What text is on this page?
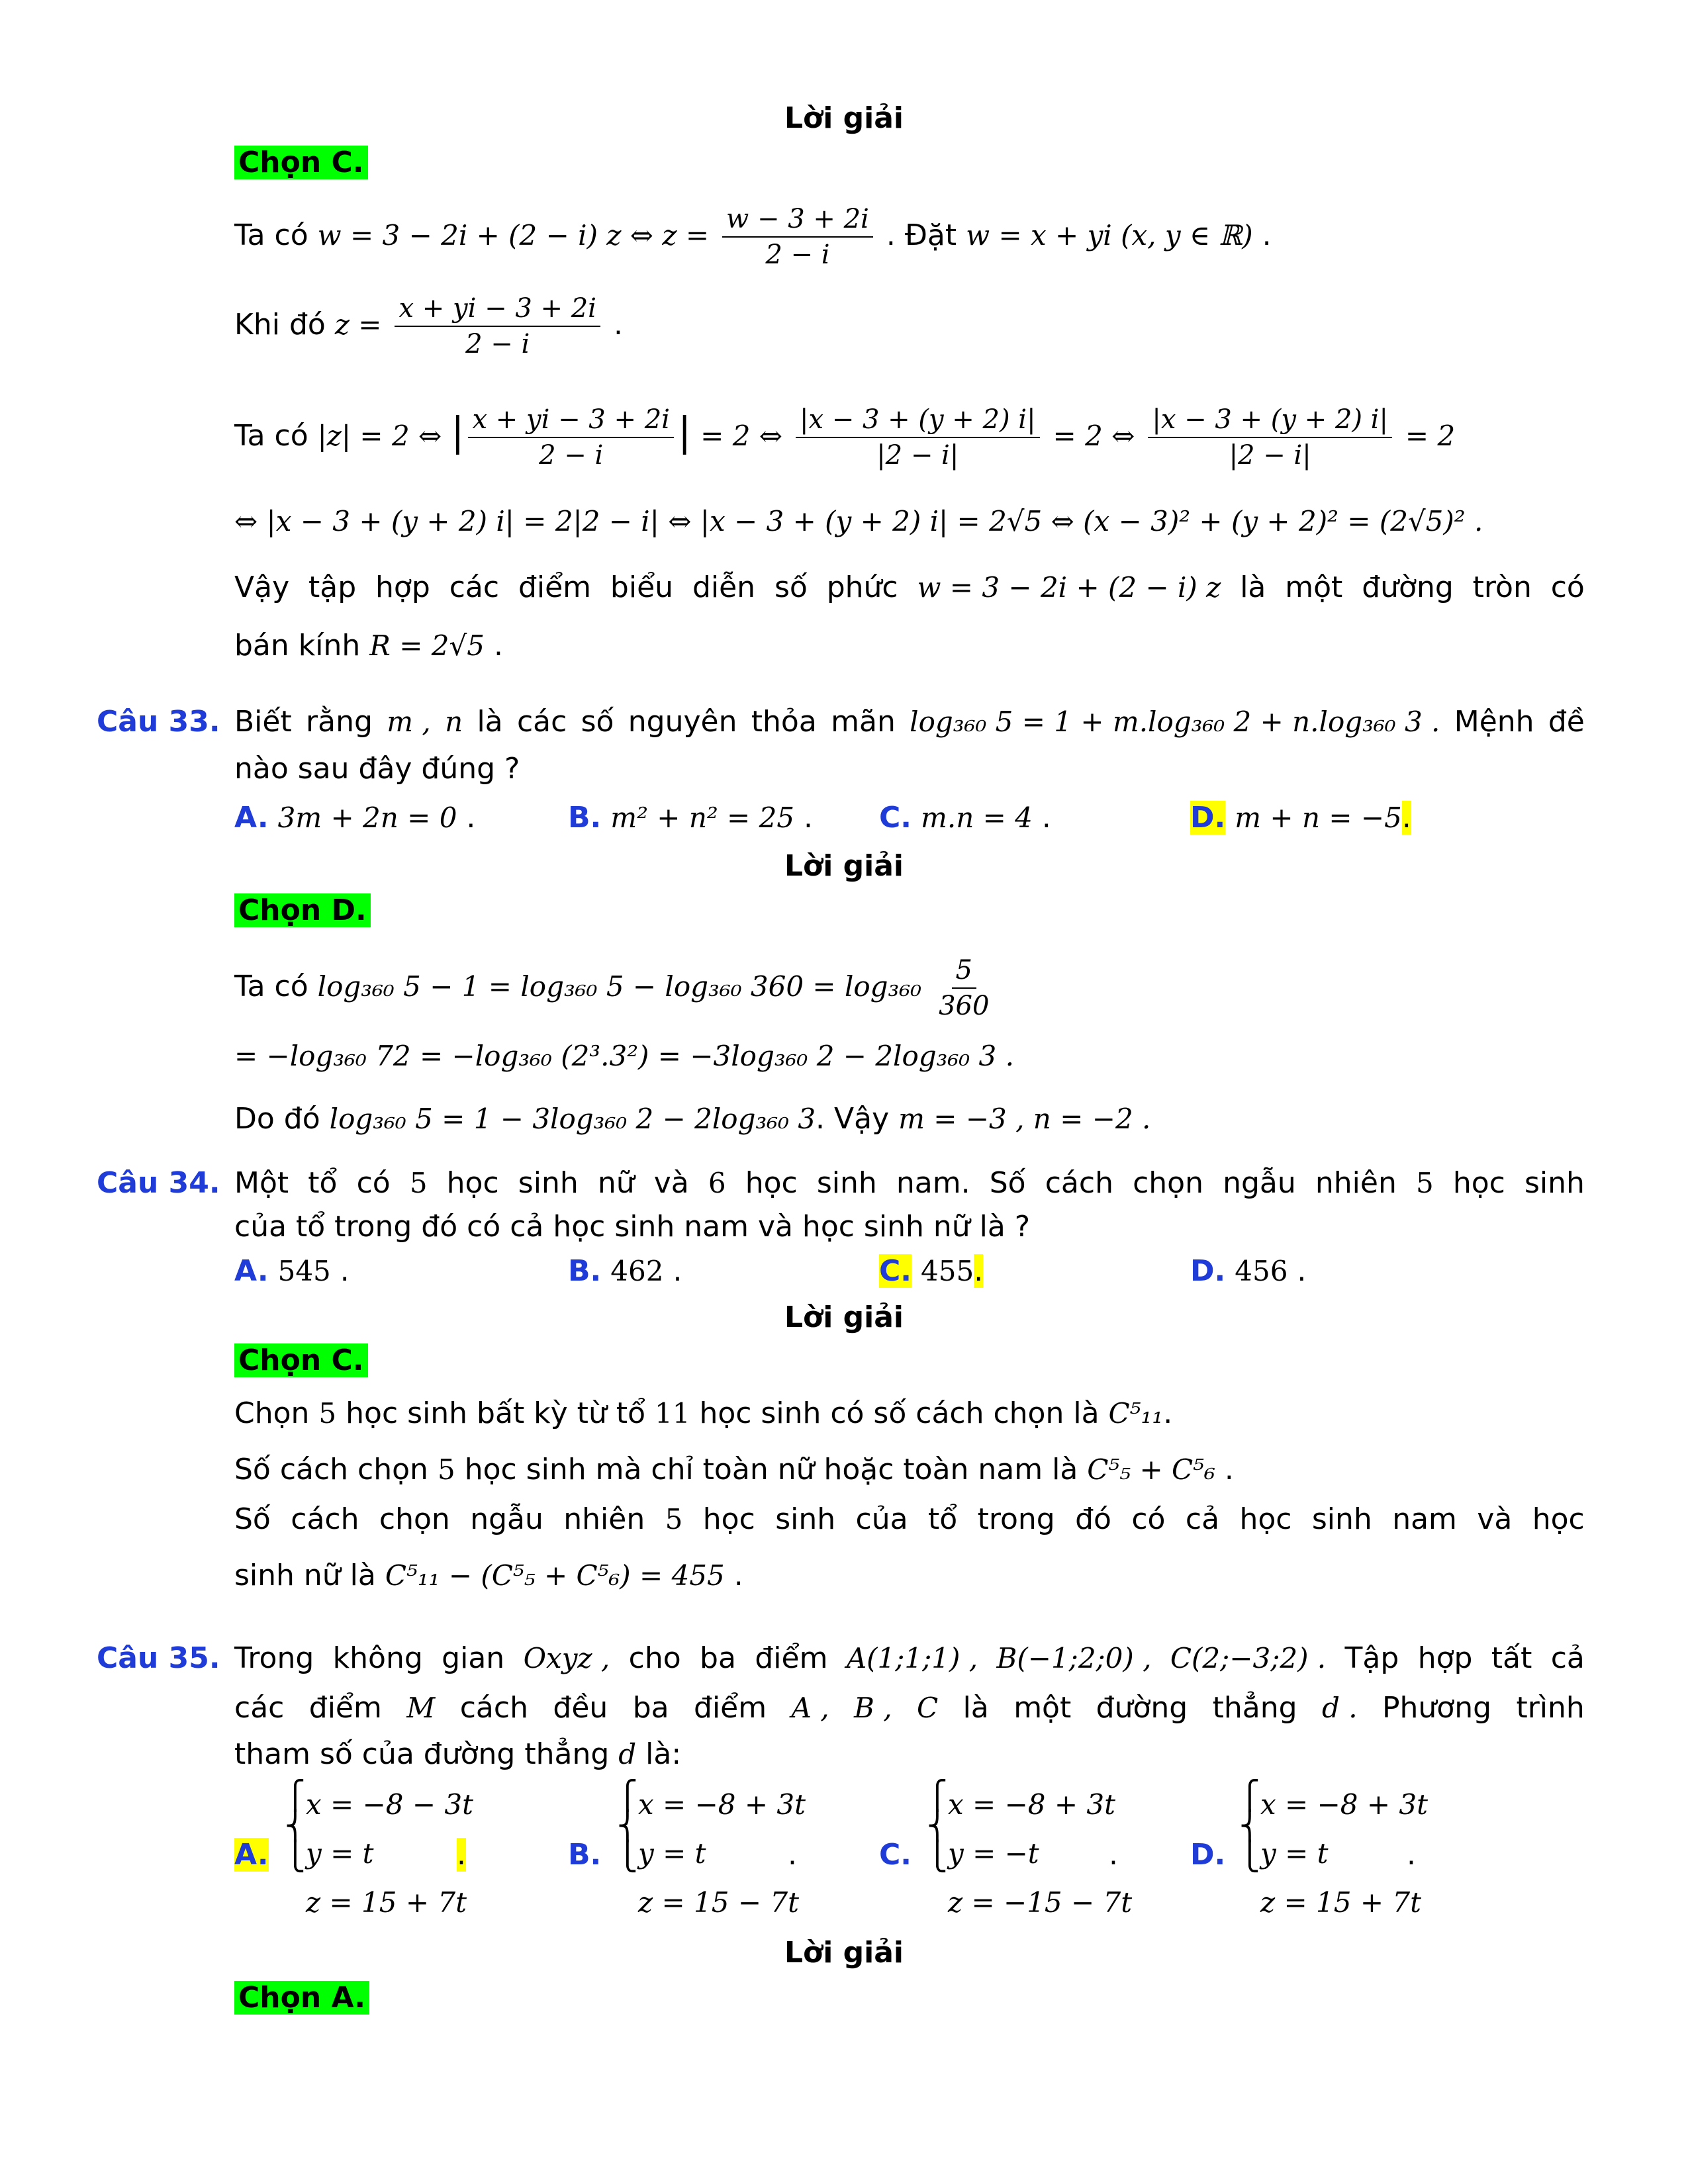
Lời giải
Chọn C.
Ta có w = 3 − 2i + (2 − i) z ⇔ $z = \frac{w - 3 + 2i}{2 - i}$ . Đặt w = x + yi (x, y ∈ ℝ) .
Khi đó $z = \frac{x + yi - 3 + 2i}{2 - i}$ .
Ta có |z| = 2 ⇔ | $\frac{x + yi - 3 + 2i}{2 - i}$ | = 2 ⇔ $\frac{|x - 3 + (y + 2) i|}{|2 - i|} = 2$ ⇔ $\frac{|x - 3 + (y + 2) i|}{|2 - i|} = 2$
⇔ |x − 3 + (y + 2) i| = 2|2 − i| ⇔ |x − 3 + (y + 2) i| = 2√5 ⇔ (x − 3)² + (y + 2)² = (2√5)² .
Vậy tập hợp các điểm biểu diễn số phức w = 3 − 2i + (2 − i) z là một đường tròn có
bán kính R = 2√5 .
Câu 33. Biết rằng m , n là các số nguyên thỏa mãn log₃₆₀ 5 = 1 + m.log₃₆₀ 2 + n.log₃₆₀ 3 . Mệnh đề
nào sau đây đúng ?
A. 3m + 2n = 0 .	B. m² + n² = 25 . C. m.n = 4 .	D. m + n = −5.
Lời giải
Chọn D.
Ta có log₃₆₀ 5 − 1 = log₃₆₀ 5 − log₃₆₀ $360 = \log_{360} \frac{5}{360}$
= −log₃₆₀ 72 = −log₃₆₀ (2³.3²) = −3log₃₆₀ 2 − 2log₃₆₀ 3 .
Do đó log₃₆₀ 5 = 1 − 3log₃₆₀ 2 − 2log₃₆₀ 3. Vậy m = −3 , n = −2 .
Câu 34. Một tổ có 5 học sinh nữ và 6 học sinh nam. Số cách chọn ngẫu nhiên 5 học sinh
của tổ trong đó có cả học sinh nam và học sinh nữ là ?
A. 545 .	B. 462 .	C. 455.	D. 456 .
Lời giải
Chọn C.
Chọn 5 học sinh bất kỳ từ tổ 11 học sinh có số cách chọn là C⁵₁₁.
Số cách chọn 5 học sinh mà chỉ toàn nữ hoặc toàn nam là C⁵₅ + C⁵₆ .
Số cách chọn ngẫu nhiên 5 học sinh của tổ trong đó có cả học sinh nam và học
sinh nữ là C⁵₁₁ − (C⁵₅ + C⁵₆) = 455 .
Câu 35. Trong không gian Oxyz , cho ba điểm A(1;1;1) , B(−1;2;0) , C(2;−3;2) . Tập hợp tất cả
các điểm M cách đều ba điểm A , B , C là một đường thẳng d . Phương trình
tham số của đường thẳng d là:
A.
⎧
⎨
⎩
x = −8 − 3t
y = t
z = 15 + 7t
.	B.
⎧
⎨
⎩
x = −8 + 3t
y = t
z = 15 − 7t
.	C.
⎧
⎨
⎩
x = −8 + 3t
y = −t
z = −15 − 7t
. D.
⎧
⎨
⎩
x = −8 + 3t
y = t
z = 15 + 7t
.
Lời giải
Chọn A.
